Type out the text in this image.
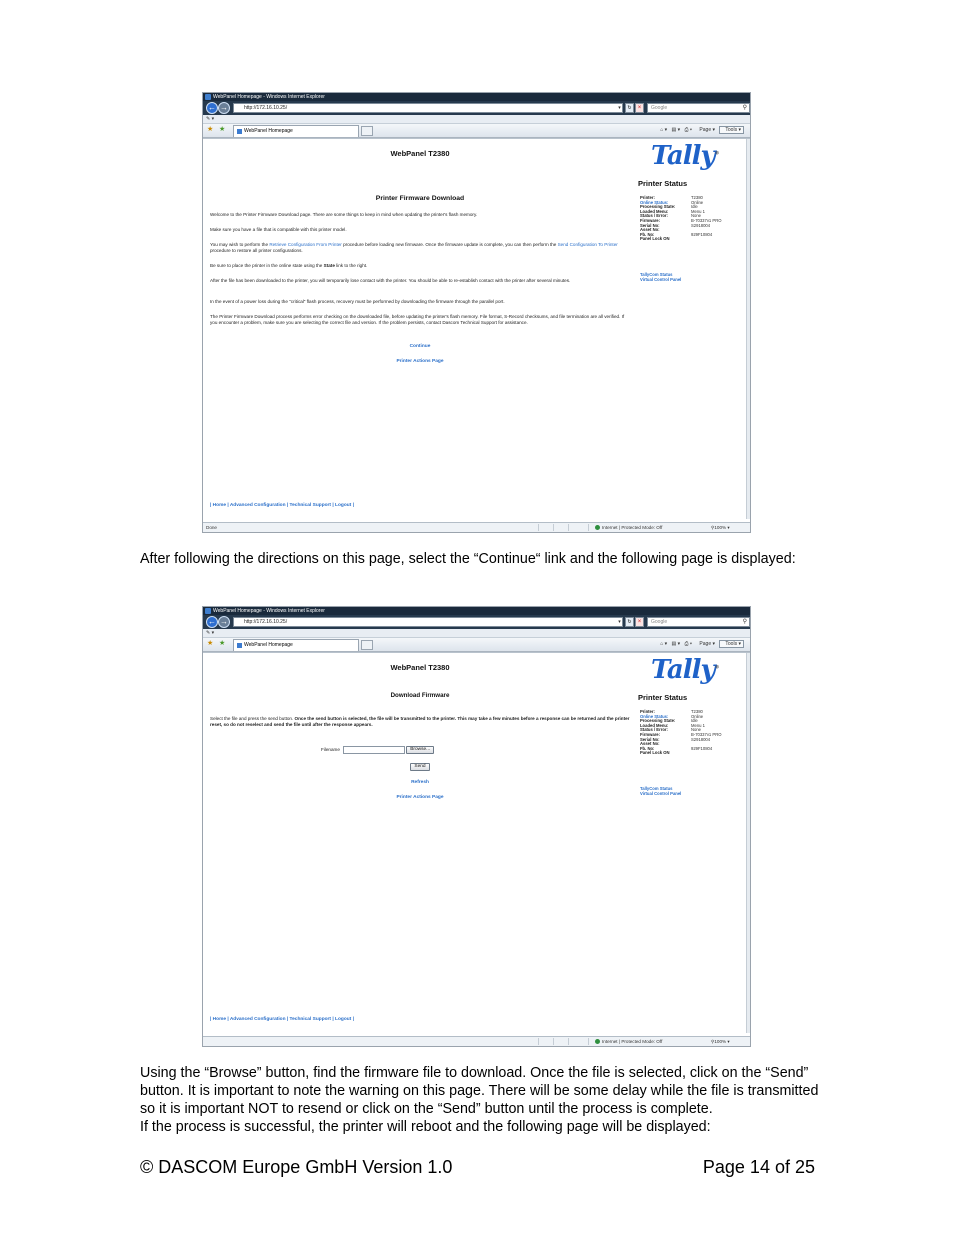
WebPanel Homepage - Windows Internet Explorer
← →	http://172.16.10.25/	▾	↻	×	Google	⚲
✎ ▾
★ ★	WebPanel Homepage	⌂ ▾ ▤ ▾ ⎙ ▾ Page ▾ Tools ▾
WebPanel T2380
Printer Firmware Download

Welcome to the Printer Firmware Download page. There are some things to keep in mind when updating the printer's flash memory.

Make sure you have a file that is compatible with this printer model.

You may wish to perform the Retrieve Configuration From Printer procedure before loading new firmware. Once the firmware update is complete, you can then perform the Send Configuration To Printer procedure to restore all printer configurations.

Be sure to place the printer in the online state using the State link to the right.

After the file has been downloaded to the printer, you will temporarily lose contact with the printer. You should be able to re-establish contact with the printer after several minutes.

In the event of a power loss during the "critical" flash process, recovery must be performed by downloading the firmware through the parallel port.

The Printer Firmware Download process performs error checking on the downloaded file, before updating the printer's flash memory. File format, S-Record checksums, and file termination are all verified. If you encounter a problem, make sure you are selecting the correct file and version. If the problem persists, contact Dascom Technical Support for assistance.

Continue
Printer Actions Page
Tally®
Printer Status
Printer:	T2380
Online Status:	Online
Processing State:	Idle
Loaded Menu:	Menu 1
Status / Error:	None
Firmware:	B-70337v1 PRO
Serial No:	S2918004
Asset No:
Fb. No:	929F10804
Panel Lock ON
TallyCom Status
Virtual Control Panel
| Home | Advanced Configuration | Technical Support | Logout |
Done	Internet | Protected Mode: Off	⚲100% ▾

After following the directions on this page, select the “Continue“ link and the following page is displayed:

WebPanel Homepage - Windows Internet Explorer
← →	http://172.16.10.25/	▾	↻	×	Google	⚲
✎ ▾
★ ★	WebPanel Homepage	⌂ ▾ ▤ ▾ ⎙ ▾ Page ▾ Tools ▾
WebPanel T2380
Download Firmware

Select the file and press the send button. Once the send button is selected, the file will be transmitted to the printer. This may take a few minutes before a response can be returned and the printer reset, so do not reselect and send the file until after the response appears.

Filename	Browse...
Send
Refresh
Printer Actions Page
Tally®
Printer Status
Printer:	T2380
Online Status:	Online
Processing State:	Idle
Loaded Menu:	Menu 1
Status / Error:	None
Firmware:	B-70337v1 PRO
Serial No:	S2918004
Asset No:
Fb. No:	929F10804
Panel Lock ON
TallyCom Status
Virtual Control Panel
| Home | Advanced Configuration | Technical Support | Logout |
Internet | Protected Mode: Off	⚲100% ▾

Using the “Browse” button, find the firmware file to download. Once the file is selected, click on the “Send” button. It is important to note the warning on this page. There will be some delay while the file is transmitted so it is important NOT to resend or click on the “Send” button until the process is complete.

If the process is successful, the printer will reboot and the following page will be displayed:

© DASCOM Europe GmbH Version 1.0	Page 14 of 25
